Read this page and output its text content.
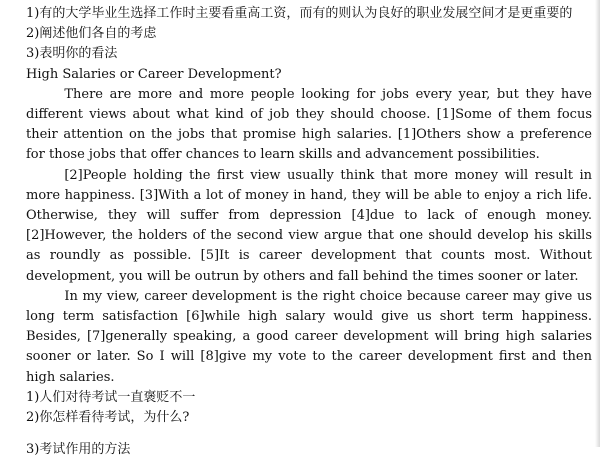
1)有的大学毕业生选择工作时主要看重高工资，而有的则认为良好的职业发展空间才是更重要的

2)阐述他们各自的考虑

3)表明你的看法

High Salaries or Career Development?

There are more and more people looking for jobs every year, but they have different views about what kind of job they should choose. [1]Some of them focus their attention on the jobs that promise high salaries. [1]Others show a preference for those jobs that offer chances to learn skills and advancement possibilities.

[2]People holding the first view usually think that more money will result in more happiness. [3]With a lot of money in hand, they will be able to enjoy a rich life. Otherwise, they will suffer from depression [4]due to lack of enough money. [2]However, the holders of the second view argue that one should develop his skills as roundly as possible. [5]It is career development that counts most. Without development, you will be outrun by others and fall behind the times sooner or later.

In my view, career development is the right choice because career may give us long term satisfaction [6]while high salary would give us short term happiness. Besides, [7]generally speaking, a good career development will bring high salaries sooner or later. So I will [8]give my vote to the career development first and then high salaries.

1)人们对待考试一直褒贬不一

2)你怎样看待考试，为什么?

3)考试作用的方法
